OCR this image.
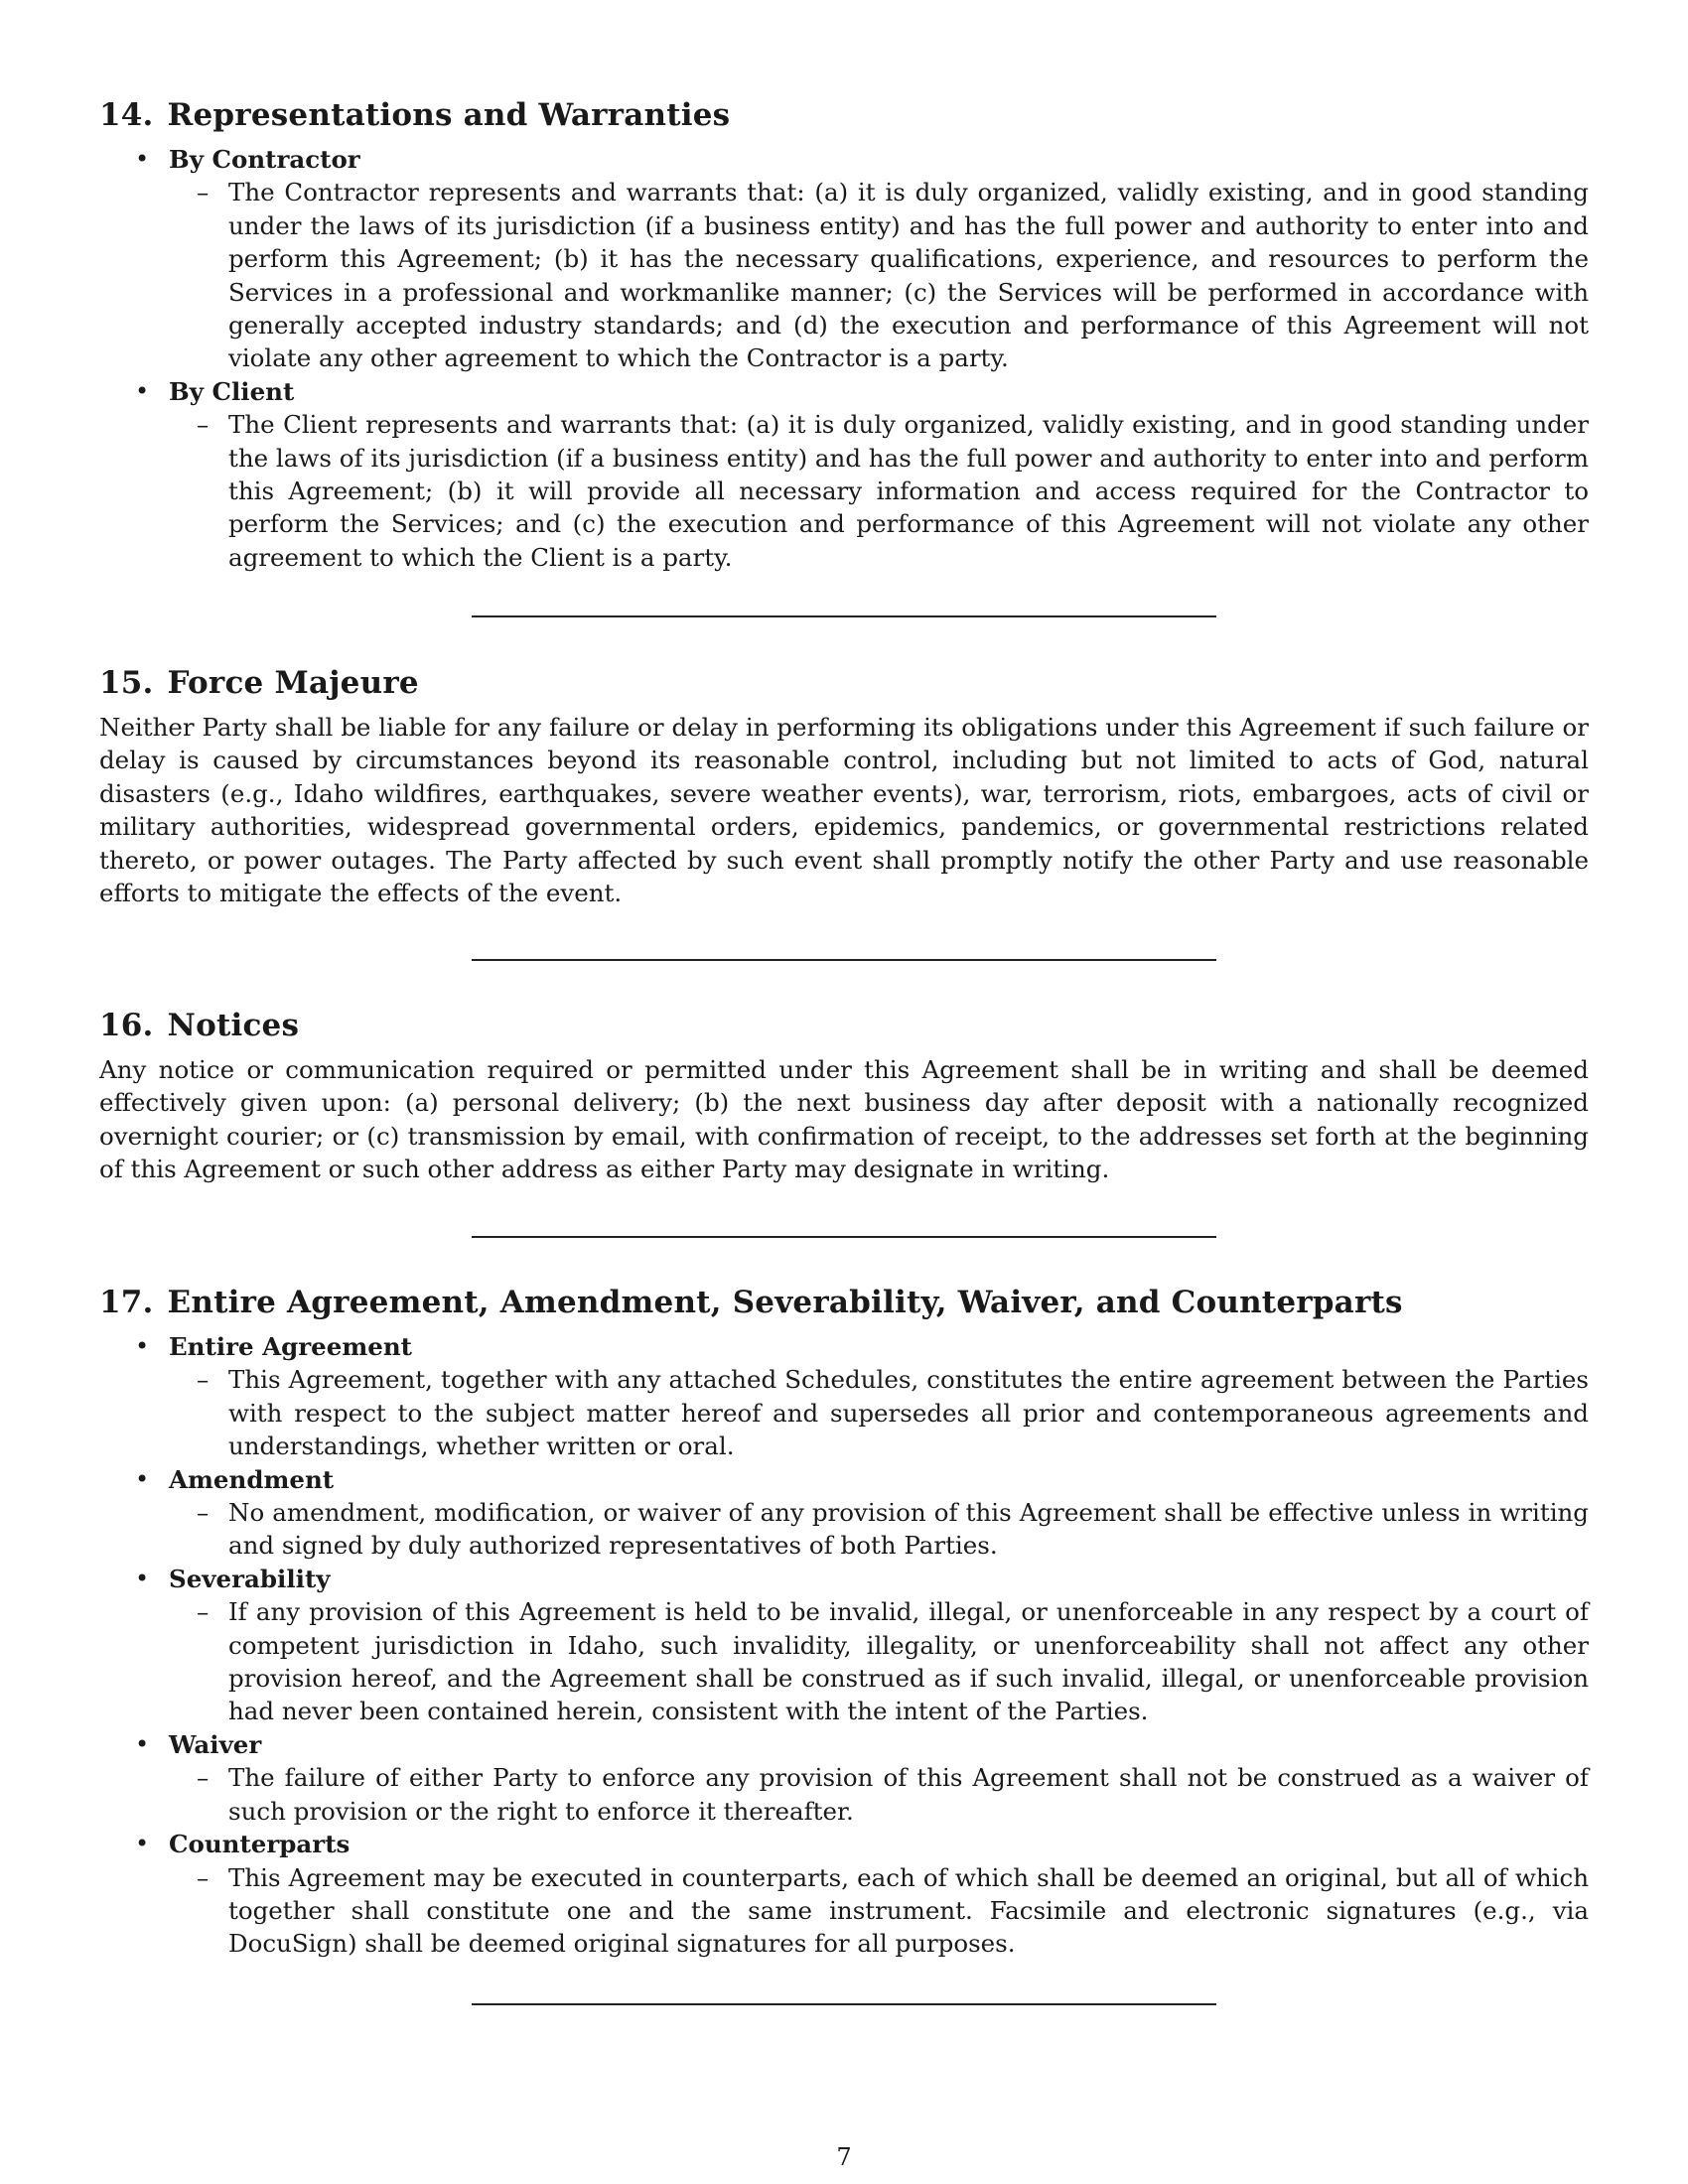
14. Representations and Warranties
• By Contractor
– The Contractor represents and warrants that: (a) it is duly organized, validly existing, and in good standing under the laws of its jurisdiction (if a business entity) and has the full power and authority to enter into and perform this Agreement; (b) it has the necessary qualifications, experience, and resources to perform the Services in a professional and workmanlike manner; (c) the Services will be performed in accordance with generally accepted industry standards; and (d) the execution and performance of this Agreement will not violate any other agreement to which the Contractor is a party.

• By Client
– The Client represents and warrants that: (a) it is duly organized, validly existing, and in good standing under the laws of its jurisdiction (if a business entity) and has the full power and authority to enter into and perform this Agreement; (b) it will provide all necessary information and access required for the Contractor to perform the Services; and (c) the execution and performance of this Agreement will not violate any other agreement to which the Client is a party.

15. Force Majeure

Neither Party shall be liable for any failure or delay in performing its obligations under this Agreement if such failure or delay is caused by circumstances beyond its reasonable control, including but not limited to acts of God, natural disasters (e.g., Idaho wildfires, earthquakes, severe weather events), war, terrorism, riots, embargoes, acts of civil or military authorities, widespread governmental orders, epidemics, pandemics, or governmental restrictions related thereto, or power outages. The Party affected by such event shall promptly notify the other Party and use reasonable efforts to mitigate the effects of the event.

16. Notices

Any notice or communication required or permitted under this Agreement shall be in writing and shall be deemed effectively given upon: (a) personal delivery; (b) the next business day after deposit with a nationally recognized overnight courier; or (c) transmission by email, with confirmation of receipt, to the addresses set forth at the beginning of this Agreement or such other address as either Party may designate in writing.

17. Entire Agreement, Amendment, Severability, Waiver, and Counterparts
• Entire Agreement
– This Agreement, together with any attached Schedules, constitutes the entire agreement between the Parties with respect to the subject matter hereof and supersedes all prior and contemporaneous agreements and understandings, whether written or oral.

• Amendment
– No amendment, modification, or waiver of any provision of this Agreement shall be effective unless in writing and signed by duly authorized representatives of both Parties.

• Severability
– If any provision of this Agreement is held to be invalid, illegal, or unenforceable in any respect by a court of competent jurisdiction in Idaho, such invalidity, illegality, or unenforceability shall not affect any other provision hereof, and the Agreement shall be construed as if such invalid, illegal, or unenforceable provision had never been contained herein, consistent with the intent of the Parties.

• Waiver
– The failure of either Party to enforce any provision of this Agreement shall not be construed as a waiver of such provision or the right to enforce it thereafter.

• Counterparts
– This Agreement may be executed in counterparts, each of which shall be deemed an original, but all of which together shall constitute one and the same instrument. Facsimile and electronic signatures (e.g., via DocuSign) shall be deemed original signatures for all purposes.

7
